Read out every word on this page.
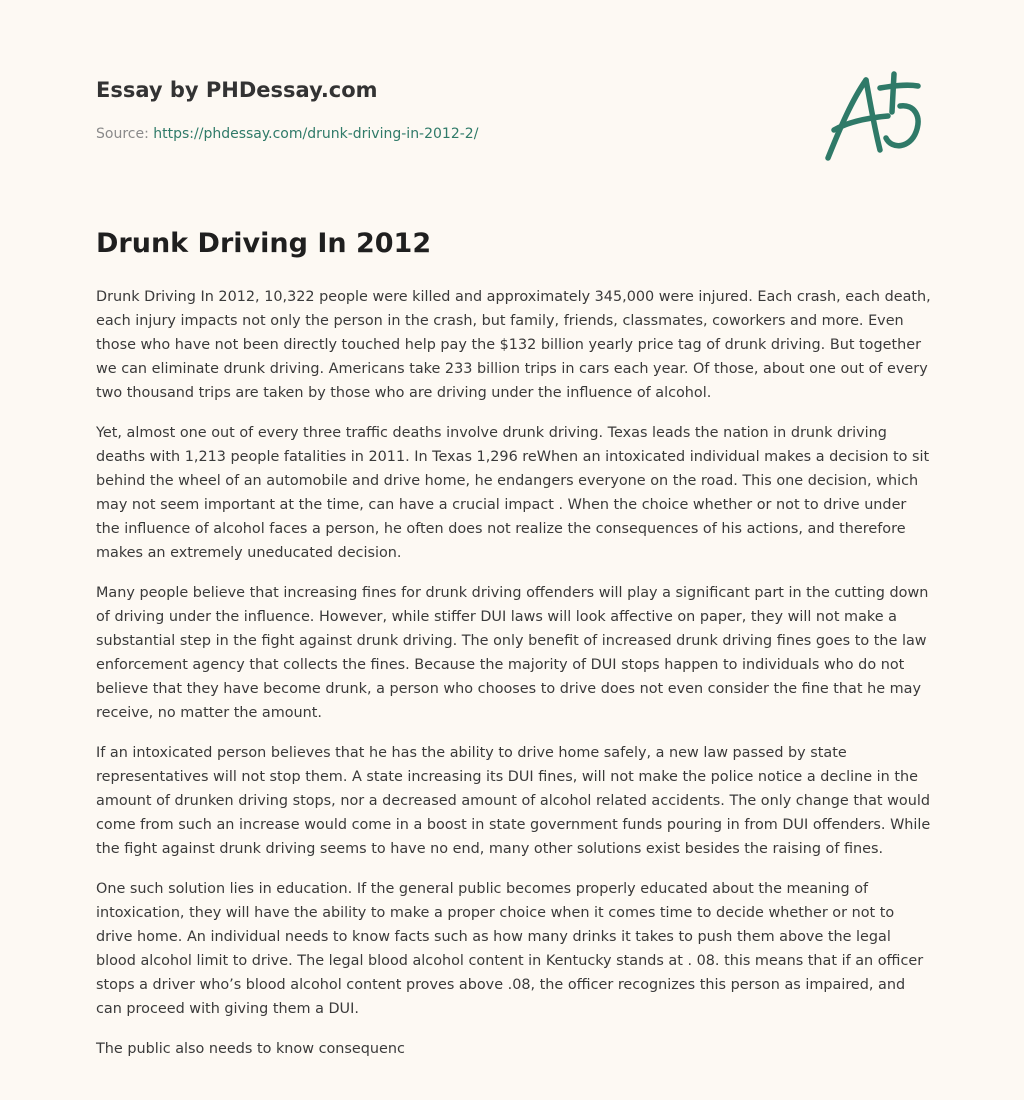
Essay by PHDessay.com
Source: https://phdessay.com/drunk-driving-in-2012-2/
Drunk Driving In 2012

Drunk Driving In 2012, 10,322 people were killed and approximately 345,000 were injured. Each crash, each death, each injury impacts not only the person in the crash, but family, friends, classmates, coworkers and more. Even those who have not been directly touched help pay the $132 billion yearly price tag of drunk driving. But together we can eliminate drunk driving. Americans take 233 billion trips in cars each year. Of those, about one out of every two thousand trips are taken by those who are driving under the influence of alcohol.

Yet, almost one out of every three traffic deaths involve drunk driving. Texas leads the nation in drunk driving deaths with 1,213 people fatalities in 2011. In Texas 1,296 reWhen an intoxicated individual makes a decision to sit behind the wheel of an automobile and drive home, he endangers everyone on the road. This one decision, which may not seem important at the time, can have a crucial impact . When the choice whether or not to drive under the influence of alcohol faces a person, he often does not realize the consequences of his actions, and therefore makes an extremely uneducated decision.

Many people believe that increasing fines for drunk driving offenders will play a significant part in the cutting down of driving under the influence. However, while stiffer DUI laws will look affective on paper, they will not make a substantial step in the fight against drunk driving. The only benefit of increased drunk driving fines goes to the law enforcement agency that collects the fines. Because the majority of DUI stops happen to individuals who do not believe that they have become drunk, a person who chooses to drive does not even consider the fine that he may receive, no matter the amount.

If an intoxicated person believes that he has the ability to drive home safely, a new law passed by state representatives will not stop them. A state increasing its DUI fines, will not make the police notice a decline in the amount of drunken driving stops, nor a decreased amount of alcohol related accidents. The only change that would come from such an increase would come in a boost in state government funds pouring in from DUI offenders. While the fight against drunk driving seems to have no end, many other solutions exist besides the raising of fines.

One such solution lies in education. If the general public becomes properly educated about the meaning of intoxication, they will have the ability to make a proper choice when it comes time to decide whether or not to drive home. An individual needs to know facts such as how many drinks it takes to push them above the legal blood alcohol limit to drive. The legal blood alcohol content in Kentucky stands at . 08. this means that if an officer stops a driver who’s blood alcohol content proves above .08, the officer recognizes this person as impaired, and can proceed with giving them a DUI.

The public also needs to know consequenc
